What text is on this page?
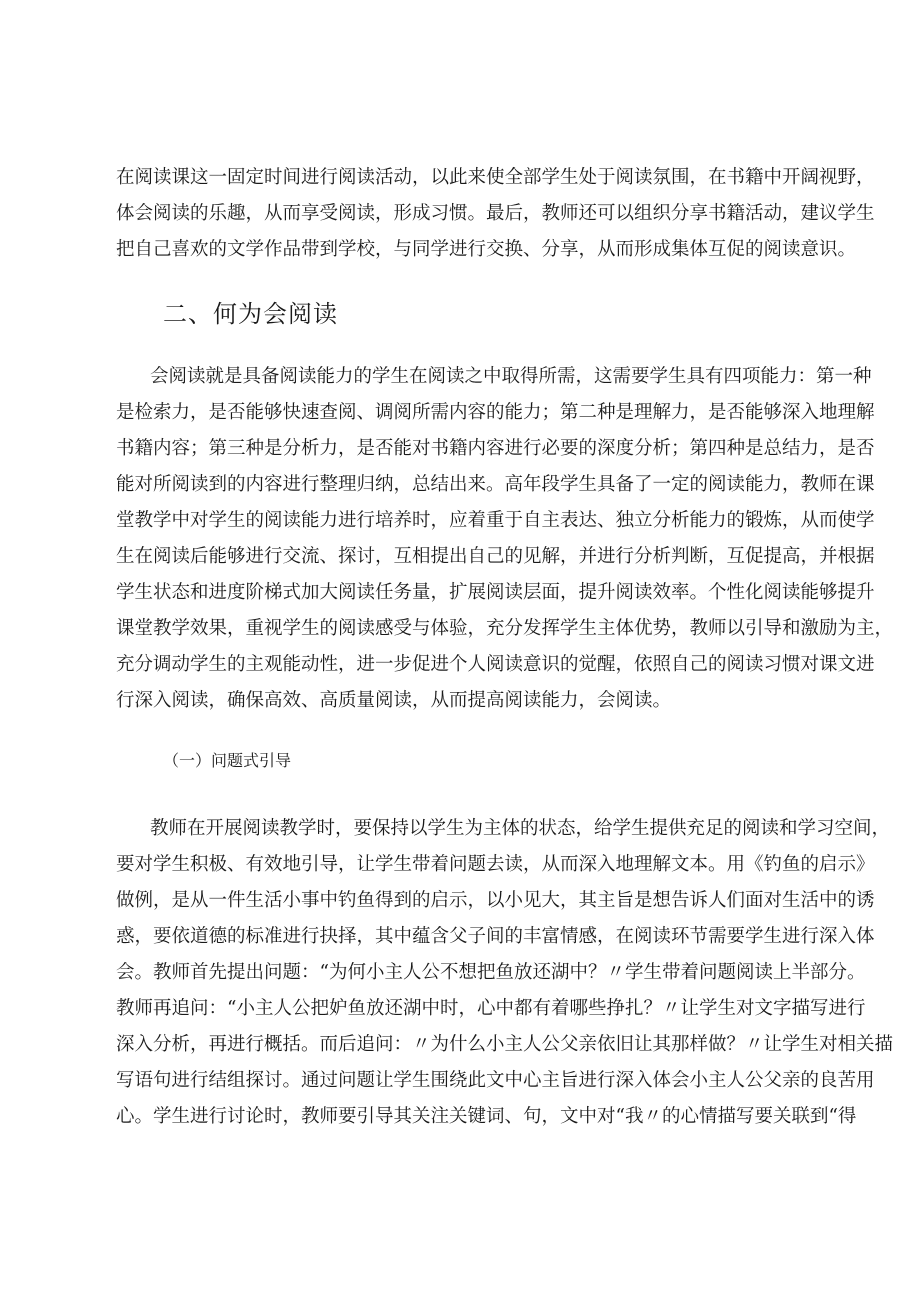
在阅读课这一固定时间进行阅读活动，以此来使全部学生处于阅读氛围，在书籍中开阔视野，
体会阅读的乐趣，从而享受阅读，形成习惯。最后，教师还可以组织分享书籍活动，建议学生
把自己喜欢的文学作品带到学校，与同学进行交换、分享，从而形成集体互促的阅读意识。
二、何为会阅读
会阅读就是具备阅读能力的学生在阅读之中取得所需，这需要学生具有四项能力：第一种
是检索力，是否能够快速查阅、调阅所需内容的能力；第二种是理解力，是否能够深入地理解
书籍内容；第三种是分析力，是否能对书籍内容进行必要的深度分析；第四种是总结力，是否
能对所阅读到的内容进行整理归纳，总结出来。高年段学生具备了一定的阅读能力，教师在课
堂教学中对学生的阅读能力进行培养时，应着重于自主表达、独立分析能力的锻炼，从而使学
生在阅读后能够进行交流、探讨，互相提出自己的见解，并进行分析判断，互促提高，并根据
学生状态和进度阶梯式加大阅读任务量，扩展阅读层面，提升阅读效率。个性化阅读能够提升
课堂教学效果，重视学生的阅读感受与体验，充分发挥学生主体优势，教师以引导和激励为主，
充分调动学生的主观能动性，进一步促进个人阅读意识的觉醒，依照自己的阅读习惯对课文进
行深入阅读，确保高效、高质量阅读，从而提高阅读能力，会阅读。
（一）问题式引导
教师在开展阅读教学时，要保持以学生为主体的状态，给学生提供充足的阅读和学习空间，
要对学生积极、有效地引导，让学生带着问题去读，从而深入地理解文本。用《钓鱼的启示》
做例，是从一件生活小事中钓鱼得到的启示，以小见大，其主旨是想告诉人们面对生活中的诱
惑，要依道德的标准进行抉择，其中蕴含父子间的丰富情感，在阅读环节需要学生进行深入体
会。教师首先提出问题：“为何小主人公不想把鱼放还湖中？〃学生带着问题阅读上半部分。
教师再追问：“小主人公把妒鱼放还湖中时，心中都有着哪些挣扎？〃让学生对文字描写进行
深入分析，再进行概括。而后追问：〃为什么小主人公父亲依旧让其那样做？〃让学生对相关描
写语句进行结组探讨。通过问题让学生围绕此文中心主旨进行深入体会小主人公父亲的良苦用
心。学生进行讨论时，教师要引导其关注关键词、句，文中对“我〃的心情描写要关联到“得
